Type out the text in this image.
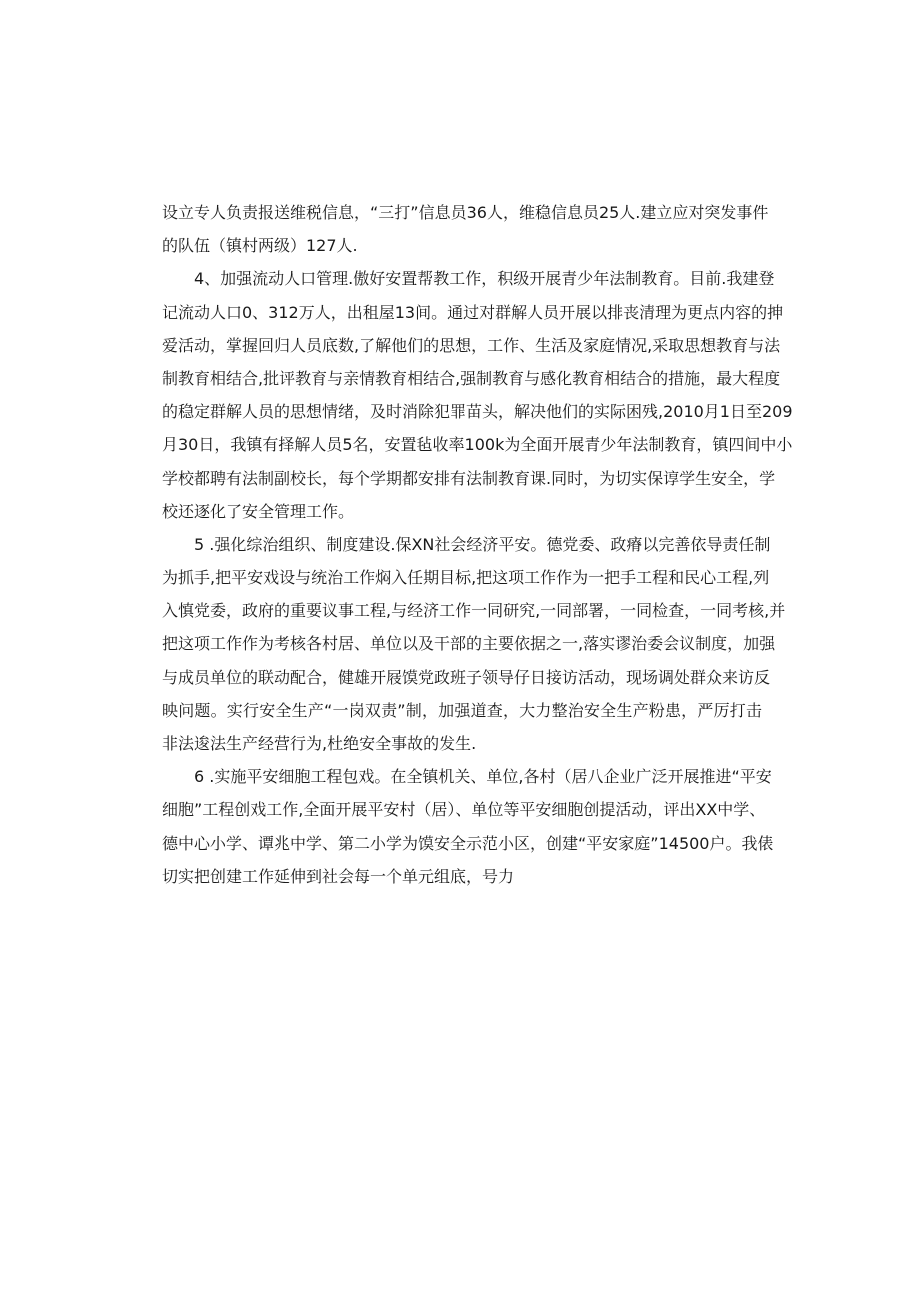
设立专人负责报送维税信息，“三打”信息员36人，维稳信息员25人.建立应对突发事件
的队伍（镇村两级）127人.
4、加强流动人口管理.傲好安置帮教工作，积级开展青少年法制教育。目前.我建登
记流动人口0、312万人，出租屋13间。通过对群解人员开展以排丧清理为更点内容的抻
爱活动，掌握回归人员底数,了解他们的思想，工作、生活及家庭情况,采取思想教育与法
制教育相结合,批评教育与亲情教育相结合,强制教育与感化教育相结合的措施，最大程度
的稳定群解人员的思想情绪，及时消除犯罪苗头，解决他们的实际困残,2010月1日至209
月30日，我镇有择解人员5名，安置毡收率100k为全面开展青少年法制教育，镇四间中小
学校都聘有法制副校长，每个学期都安排有法制教育课.同时，为切实保谆学生安全，学
校还逐化了安全管理工作。
5 .强化综治组织、制度建设.保XN社会经济平安。德党委、政瘠以完善依导责任制
为抓手,把平安戏设与统治工作焖入任期目标,把这项工作作为一把手工程和民心工程,列
入慎党委，政府的重要议事工程,与经济工作一同研究,一同部署，一同检查，一同考核,并
把这项工作作为考核各村居、单位以及干部的主要依据之一,落实谬治委会议制度，加强
与成员单位的联动配合，健雄开屐馍党政班子领导仔日接访活动，现场调处群众来访反
映问题。实行安全生产“一岗双责”制，加强道查，大力整治安全生产粉患，严厉打击
非法逡法生产经营行为,杜绝安全事故的发生.
6 .实施平安细胞工程包戏。在全镇机关、单位,各村（居八企业广泛开展推进“平安
细胞”工程创戏工作,全面开展平安村（居）、单位等平安细胞创提活动，评出XX中学、
德中心小学、谭兆中学、第二小学为馍安全示范小区，创建“平安家庭”14500户。我俵
切实把创建工作延伸到社会每一个单元组底，号力
